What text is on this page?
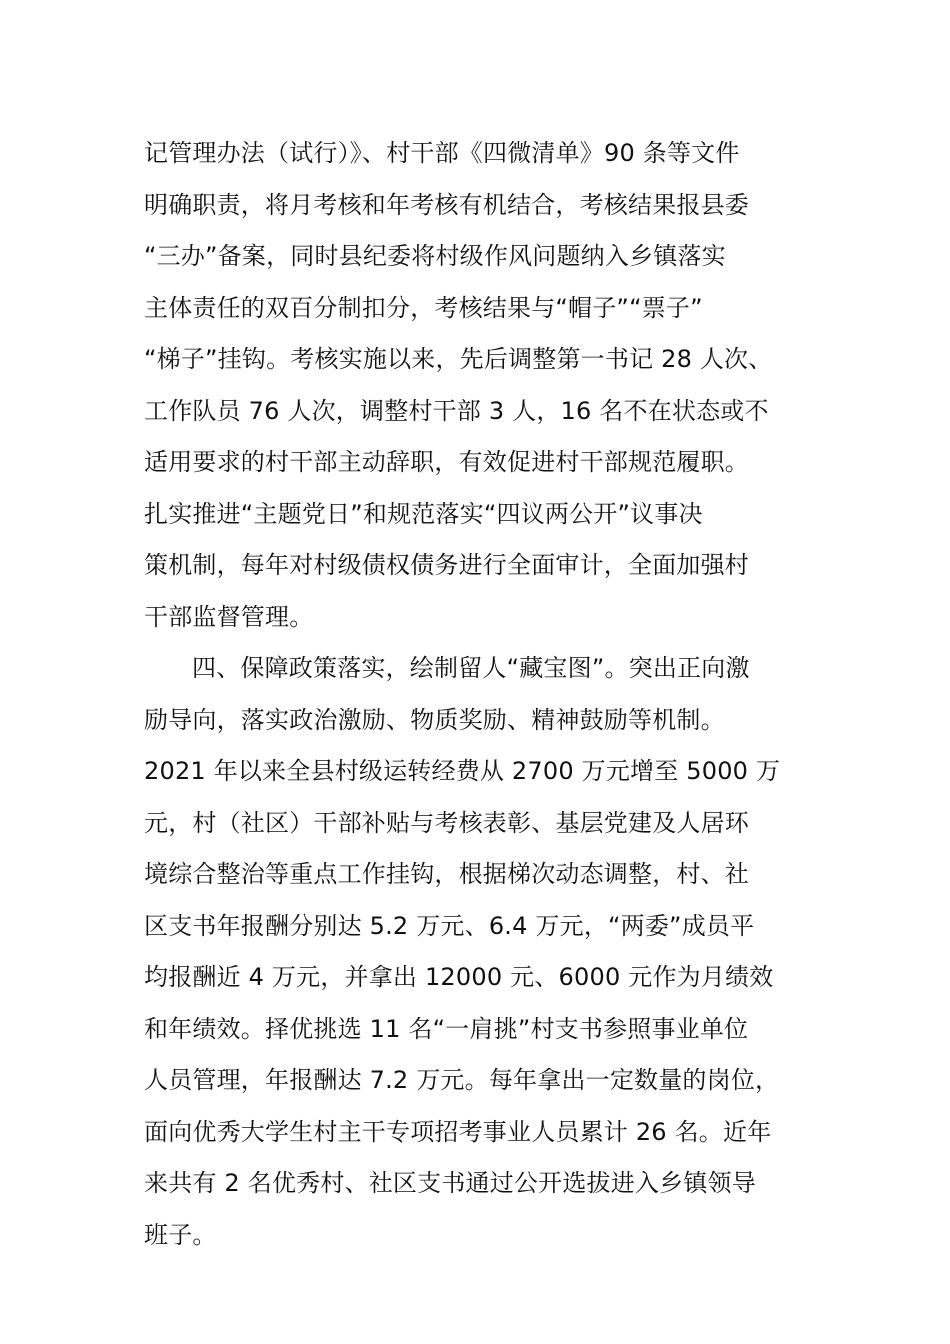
记管理办法（试行）》、村干部《四微清单》90 条等文件
明确职责，将月考核和年考核有机结合，考核结果报县委
“三办”备案，同时县纪委将村级作风问题纳入乡镇落实
主体责任的双百分制扣分，考核结果与“帽子”“票子”
“梯子”挂钩。考核实施以来，先后调整第一书记 28 人次、
工作队员 76 人次，调整村干部 3 人，16 名不在状态或不
适用要求的村干部主动辞职，有效促进村干部规范履职。
扎实推进“主题党日”和规范落实“四议两公开”议事决
策机制，每年对村级债权债务进行全面审计，全面加强村
干部监督管理。
四、保障政策落实，绘制留人“藏宝图”。突出正向激
励导向，落实政治激励、物质奖励、精神鼓励等机制。
2021 年以来全县村级运转经费从 2700 万元增至 5000 万
元，村（社区）干部补贴与考核表彰、基层党建及人居环
境综合整治等重点工作挂钩，根据梯次动态调整，村、社
区支书年报酬分别达 5.2 万元、6.4 万元，“两委”成员平
均报酬近 4 万元，并拿出 12000 元、6000 元作为月绩效
和年绩效。择优挑选 11 名“一肩挑”村支书参照事业单位
人员管理，年报酬达 7.2 万元。每年拿出一定数量的岗位，
面向优秀大学生村主干专项招考事业人员累计 26 名。近年
来共有 2 名优秀村、社区支书通过公开选拔进入乡镇领导
班子。
